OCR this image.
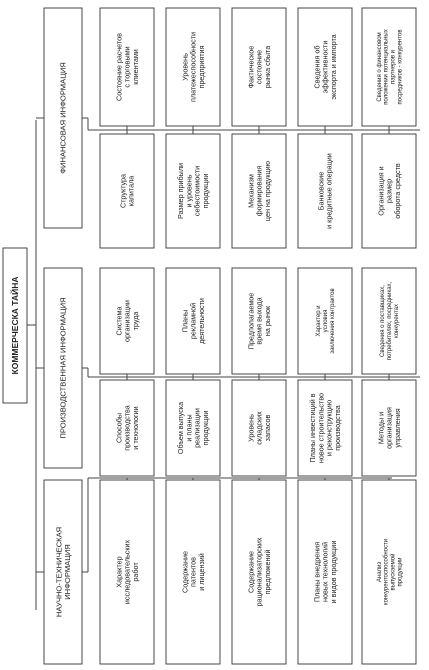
КОММЕРЧЕСКА ТАЙНА
НАУЧНО-ТЕХНИЧЕСКАЯИНФОРМАЦИЯ
ПРОИЗВОДСТВЕННАЯ ИНФОРМАЦИЯ
ФИНАНСОВАЯ ИНФОРМАЦИЯ
Характерисследовательскихработ	Содержаниепатентови лицензий	Содержаниерационализаторскихпредложений	Планы внедренияновых технологийи видов продукции	Анализконкурентоспособностивыпускаемойпродукции
Системаорганизациитруда	Планырекламнойдеятельности	Предполагаемоевремя выходана рынок	Характер иусловиязаключения контрактов	Сведения о поставщиках,потребителях, посредниках,конкурентах
Способыпроизводстваи технологии	Объем выпускаи планыреализациипродукции	Уровеньскладскихзапасов	Планы инвестиций вновое строительствои реконструкциюпроизводства	Методы иорганизацияуправления
Состояние расчетовс торговымиклиентами	Уровеньплатежеспособностипредприятия	Фактическоесостояниерынка сбыта	Сведения обэффективностиэкспорта и импорта	Сведения о финансовомположении потенциальныхпартнеров ипосредников - конкурентов
Структуракапитала	Размер прибылии уровеньсебестоимостипродукции	Механизмформированияцен на продукцию	Банковскиеи кредитные операции	Организация иразмероборота средств
